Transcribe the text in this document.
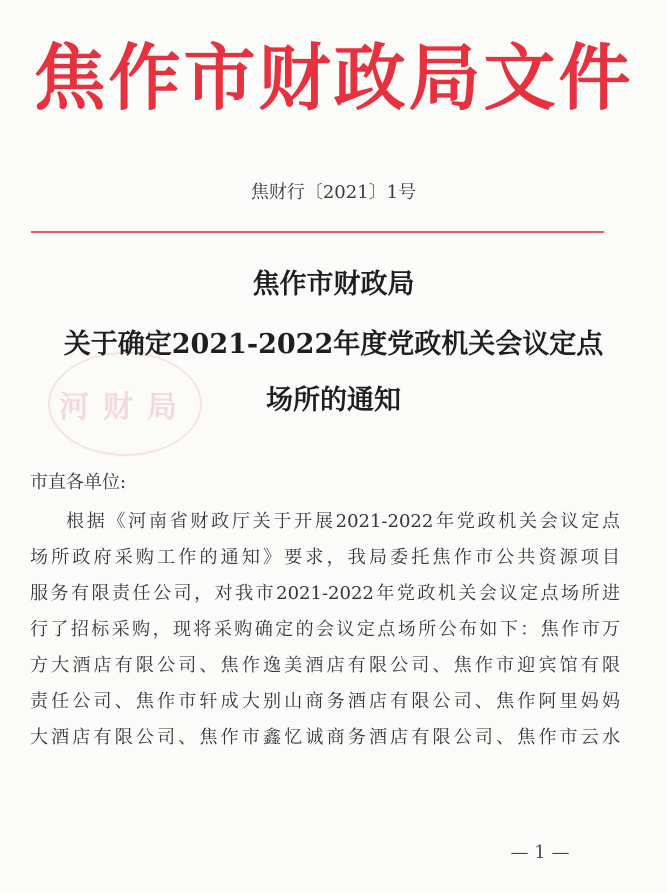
焦作市财政局文件
焦财行〔2021〕1号
河财局
焦作市财政局
关于确定2021-2022年度党政机关会议定点
场所的通知
市直各单位:
根据《河南省财政厅关于开展2021-2022年党政机关会议定点
场所政府采购工作的通知》要求，我局委托焦作市公共资源项目
服务有限责任公司，对我市2021-2022年党政机关会议定点场所进
行了招标采购，现将采购确定的会议定点场所公布如下：焦作市万
方大酒店有限公司、焦作逸美酒店有限公司、焦作市迎宾馆有限
责任公司、焦作市轩成大别山商务酒店有限公司、焦作阿里妈妈
大酒店有限公司、焦作市鑫忆诚商务酒店有限公司、焦作市云水
— 1 —
